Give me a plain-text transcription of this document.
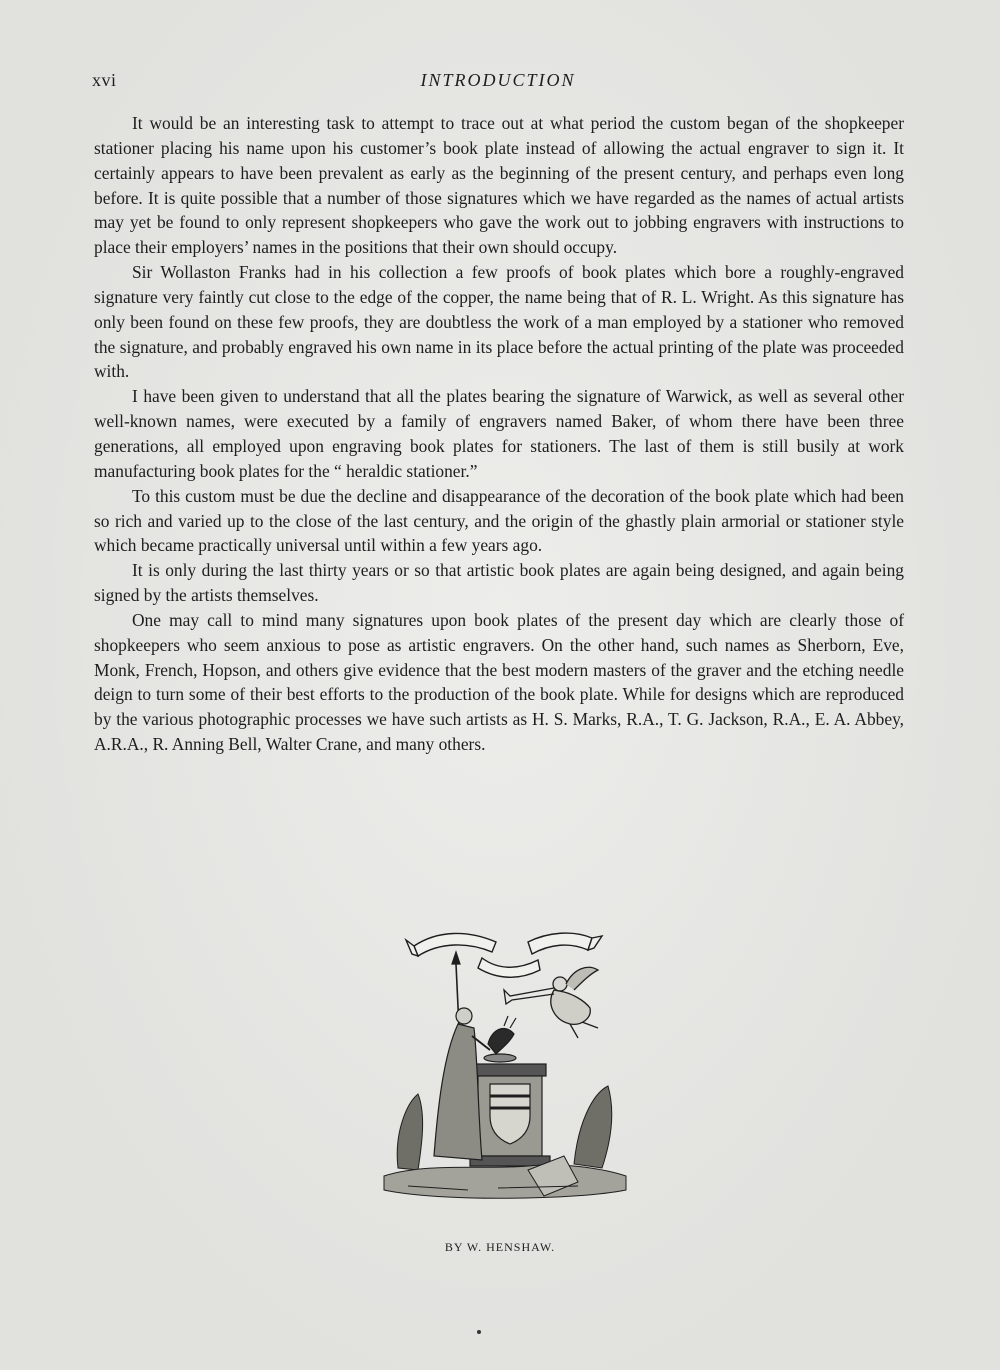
xvi	INTRODUCTION

It would be an interesting task to attempt to trace out at what period the custom began of the shopkeeper stationer placing his name upon his customer’s book plate instead of allowing the actual engraver to sign it. It certainly appears to have been prevalent as early as the beginning of the present century, and perhaps even long before. It is quite possible that a number of those signatures which we have regarded as the names of actual artists may yet be found to only represent shopkeepers who gave the work out to jobbing engravers with instructions to place their employers’ names in the positions that their own should occupy.

Sir Wollaston Franks had in his collection a few proofs of book plates which bore a roughly-engraved signature very faintly cut close to the edge of the copper, the name being that of R. L. Wright. As this signature has only been found on these few proofs, they are doubtless the work of a man employed by a stationer who removed the signature, and probably engraved his own name in its place before the actual printing of the plate was proceeded with.

I have been given to understand that all the plates bearing the signature of Warwick, as well as several other well-known names, were executed by a family of engravers named Baker, of whom there have been three generations, all employed upon engraving book plates for stationers. The last of them is still busily at work manufacturing book plates for the “ heraldic stationer.”

To this custom must be due the decline and disappearance of the decoration of the book plate which had been so rich and varied up to the close of the last century, and the origin of the ghastly plain armorial or stationer style which became practically universal until within a few years ago.

It is only during the last thirty years or so that artistic book plates are again being designed, and again being signed by the artists themselves.

One may call to mind many signatures upon book plates of the present day which are clearly those of shopkeepers who seem anxious to pose as artistic engravers. On the other hand, such names as Sherborn, Eve, Monk, French, Hopson, and others give evidence that the best modern masters of the graver and the etching needle deign to turn some of their best efforts to the production of the book plate. While for designs which are reproduced by the various photographic processes we have such artists as H. S. Marks, R.A., T. G. Jackson, R.A., E. A. Abbey, A.R.A., R. Anning Bell, Walter Crane, and many others.

BY W. HENSHAW.
